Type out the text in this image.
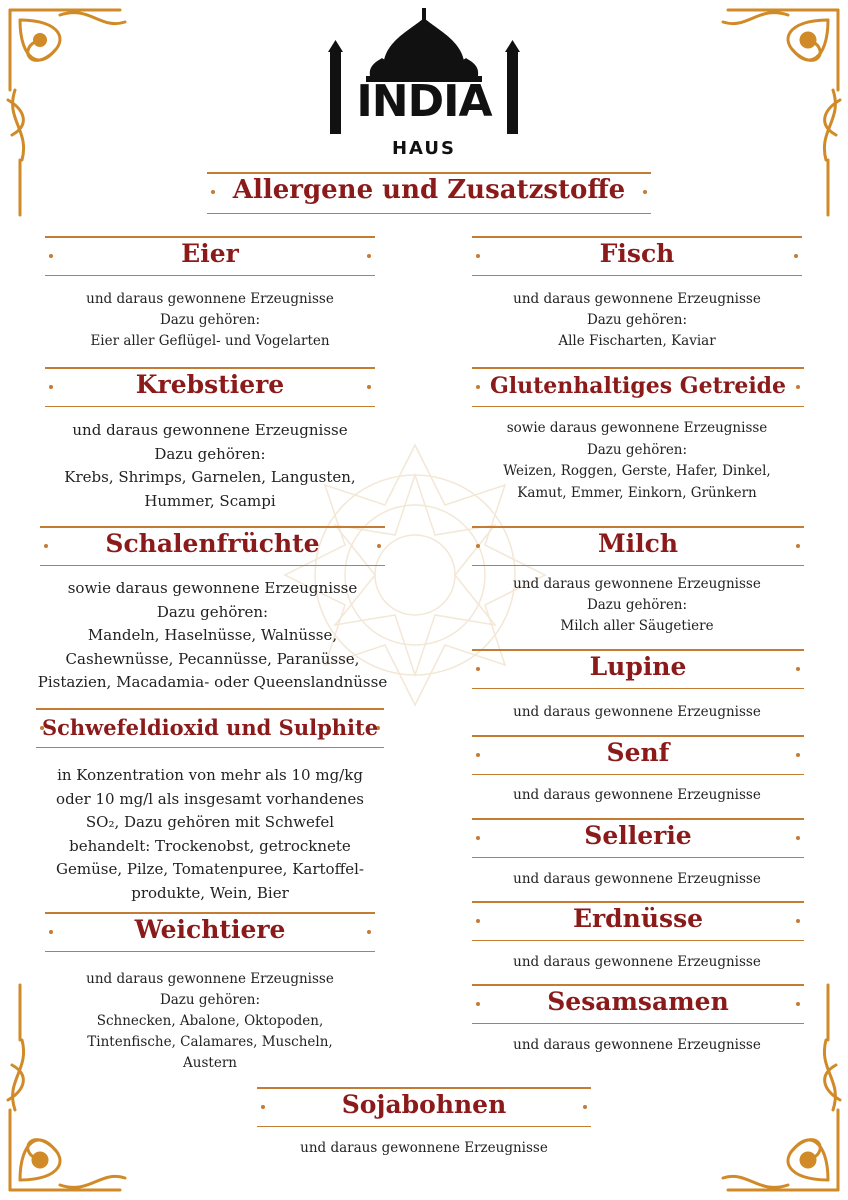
INDIA
HAUS
Allergene und Zusatzstoffe
Eier
und daraus gewonnene Erzeugnisse
Dazu gehören:
Eier aller Geflügel- und Vogelarten
Krebstiere
und daraus gewonnene Erzeugnisse
Dazu gehören:
Krebs, Shrimps, Garnelen, Langusten,
Hummer, Scampi
Schalenfrüchte
sowie daraus gewonnene Erzeugnisse
Dazu gehören:
Mandeln, Haselnüsse, Walnüsse,
Cashewnüsse, Pecannüsse, Paranüsse,
Pistazien, Macadamia- oder Queenslandnüsse
Schwefeldioxid und Sulphite
in Konzentration von mehr als 10 mg/kg
oder 10 mg/l als insgesamt vorhandenes
SO₂, Dazu gehören mit Schwefel
behandelt: Trockenobst, getrocknete
Gemüse, Pilze, Tomatenpuree, Kartoffel-
produkte, Wein, Bier
Weichtiere
und daraus gewonnene Erzeugnisse
Dazu gehören:
Schnecken, Abalone, Oktopoden,
Tintenfische, Calamares, Muscheln,
Austern
Fisch
und daraus gewonnene Erzeugnisse
Dazu gehören:
Alle Fischarten, Kaviar
Glutenhaltiges Getreide
sowie daraus gewonnene Erzeugnisse
Dazu gehören:
Weizen, Roggen, Gerste, Hafer, Dinkel,
Kamut, Emmer, Einkorn, Grünkern
Milch
und daraus gewonnene Erzeugnisse
Dazu gehören:
Milch aller Säugetiere
Lupine
und daraus gewonnene Erzeugnisse
Senf
und daraus gewonnene Erzeugnisse
Sellerie
und daraus gewonnene Erzeugnisse
Erdnüsse
und daraus gewonnene Erzeugnisse
Sesamsamen
und daraus gewonnene Erzeugnisse
Sojabohnen
und daraus gewonnene Erzeugnisse
